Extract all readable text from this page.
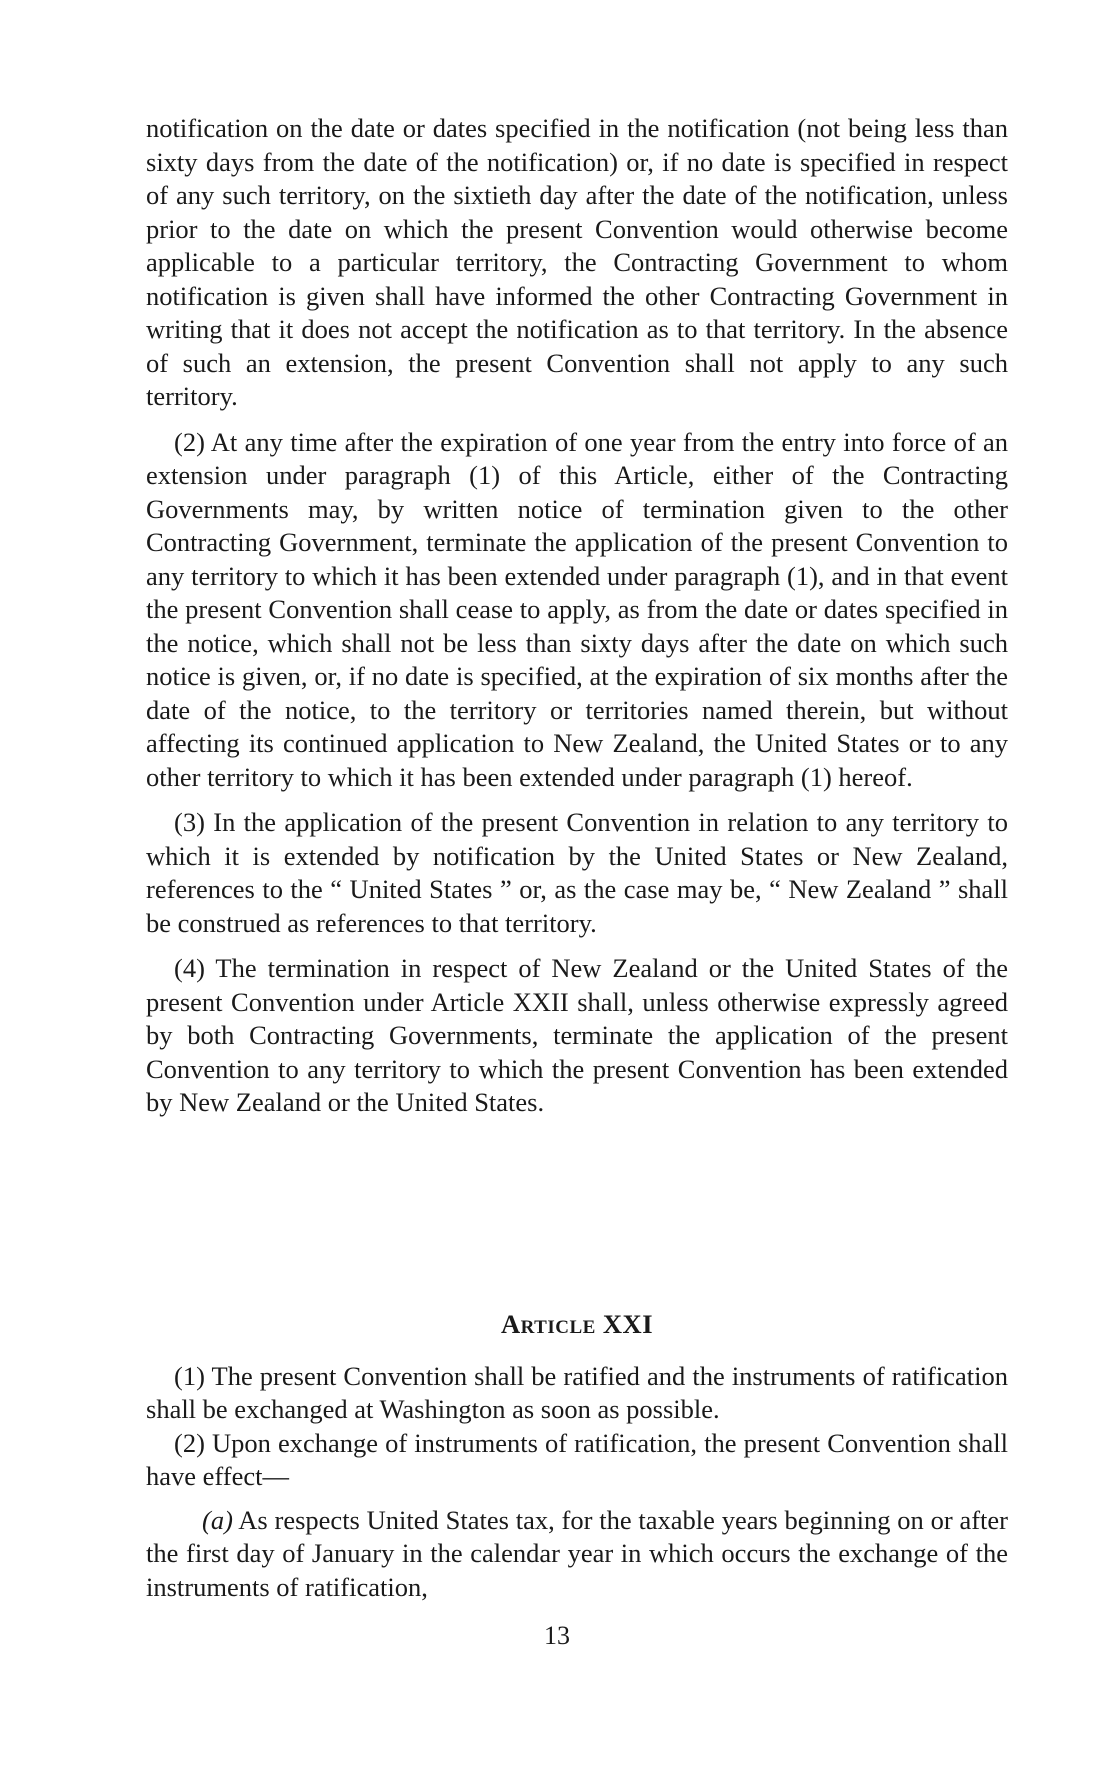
notification on the date or dates specified in the notification (not being less than sixty days from the date of the notification) or, if no date is specified in respect of any such territory, on the sixtieth day after the date of the notification, unless prior to the date on which the present Convention would otherwise become applicable to a particular territory, the Contracting Government to whom notification is given shall have informed the other Contracting Government in writing that it does not accept the notification as to that territory. In the absence of such an extension, the present Convention shall not apply to any such territory.

(2) At any time after the expiration of one year from the entry into force of an extension under paragraph (1) of this Article, either of the Contracting Governments may, by written notice of termination given to the other Contracting Government, terminate the application of the present Convention to any territory to which it has been extended under paragraph (1), and in that event the present Convention shall cease to apply, as from the date or dates specified in the notice, which shall not be less than sixty days after the date on which such notice is given, or, if no date is specified, at the expiration of six months after the date of the notice, to the territory or territories named therein, but without affecting its continued application to New Zealand, the United States or to any other territory to which it has been extended under paragraph (1) hereof.

(3) In the application of the present Convention in relation to any territory to which it is extended by notification by the United States or New Zealand, references to the “ United States ” or, as the case may be, “ New Zealand ” shall be construed as references to that territory.

(4) The termination in respect of New Zealand or the United States of the present Convention under Article XXII shall, unless otherwise expressly agreed by both Contracting Governments, terminate the application of the present Convention to any territory to which the present Convention has been extended by New Zealand or the United States.

Article XXI

(1) The present Convention shall be ratified and the instruments of ratification shall be exchanged at Washington as soon as possible.

(2) Upon exchange of instruments of ratification, the present Convention shall have effect—

(a) As respects United States tax, for the taxable years beginning on or after the first day of January in the calendar year in which occurs the exchange of the instruments of ratification,

13
